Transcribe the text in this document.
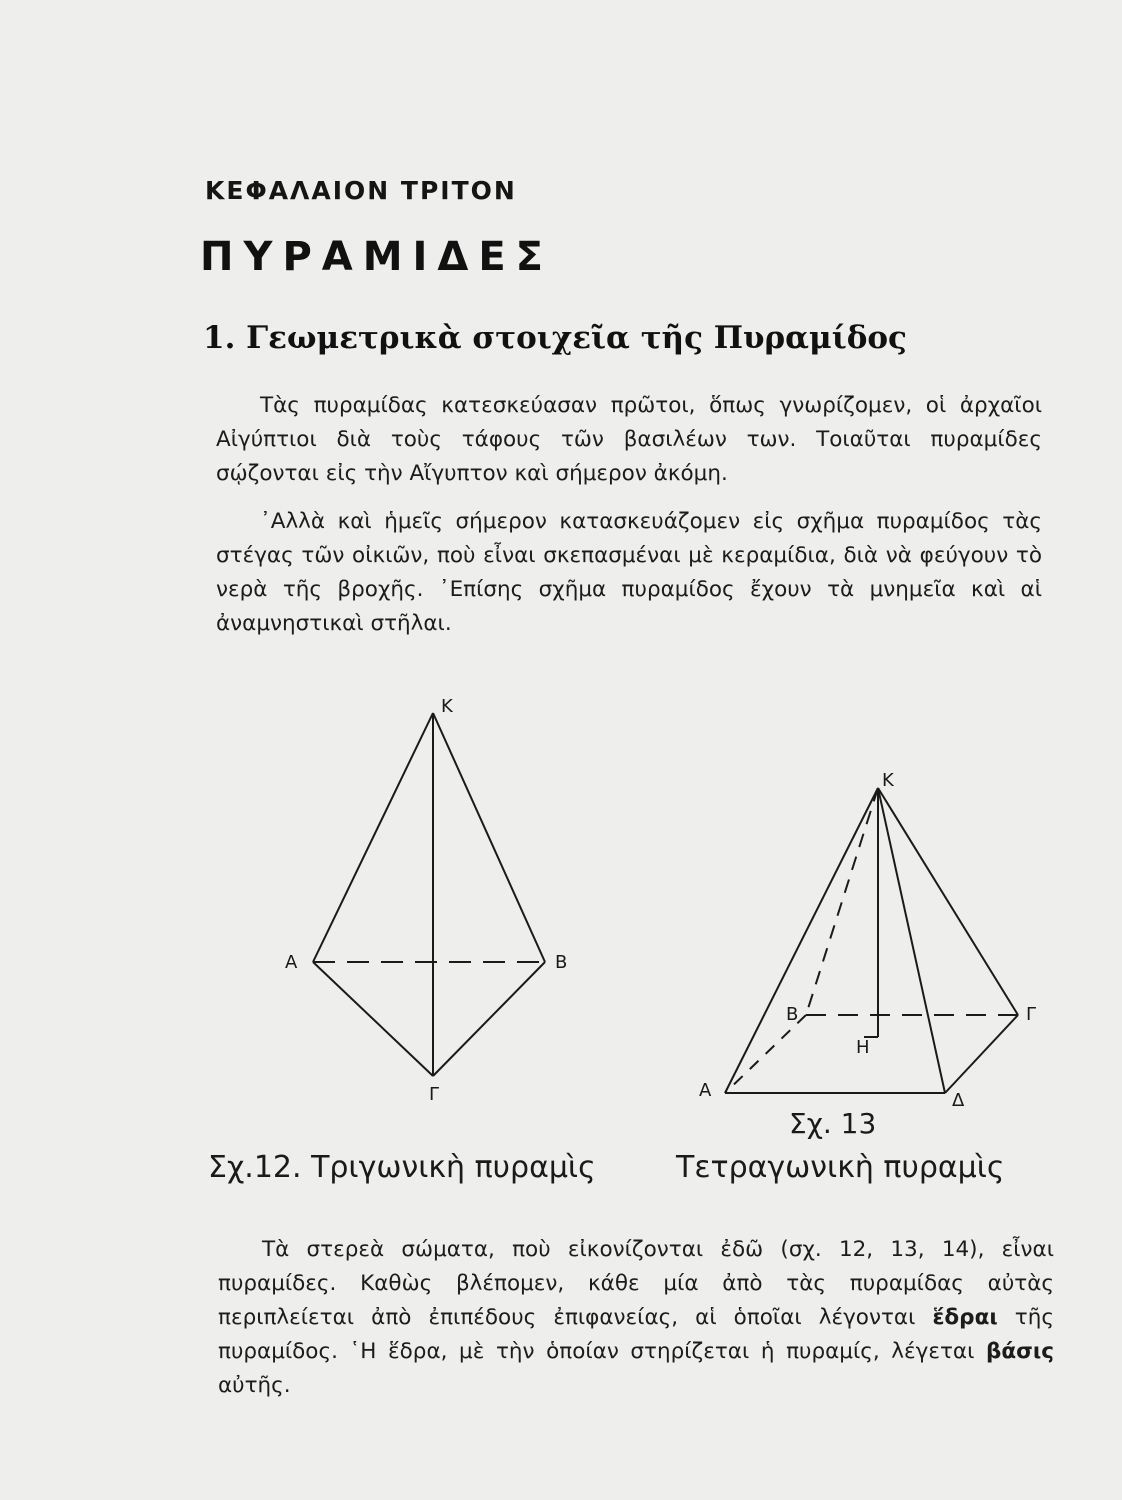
ΚΕΦΑΛΑΙΟΝ ΤΡΙΤΟΝ
ΠΥΡΑΜΙΔΕΣ
1. Γεωμετρικὰ στοιχεῖα τῆς Πυραμίδος
Τὰς πυραμίδας κατεσκεύασαν πρῶτοι, ὅπως γνωρίζομεν, οἱ ἀρχαῖοι Αἰγύπτιοι διὰ τοὺς τάφους τῶν βασιλέων των. Τοιαῦται πυραμίδες σῴζονται εἰς τὴν Αἴγυπτον καὶ σήμερον ἀκόμη.
᾿Αλλὰ καὶ ἡμεῖς σήμερον κατασκευάζομεν εἰς σχῆμα πυραμίδος τὰς στέγας τῶν οἰκιῶν, ποὺ εἶναι σκεπασμέναι μὲ κεραμίδια, διὰ νὰ φεύγουν τὸ νερὰ τῆς βροχῆς. ᾿Επίσης σχῆμα πυραμίδος ἔχουν τὰ μνημεῖα καὶ αἱ ἀναμνηστικαὶ στῆλαι.
Κ
Α	Β
Γ
Κ
Β	Γ
Α	Δ
Η
Σχ. 13
Σχ.12. Τριγωνικὴ πυραμὶς	Τετραγωνικὴ πυραμὶς
Τὰ στερεὰ σώματα, ποὺ εἰκονίζονται ἐδῶ (σχ. 12, 13, 14), εἶναι πυραμίδες. Καθὼς βλέπομεν, κάθε μία ἀπὸ τὰς πυραμίδας αὐτὰς περιπλείεται ἀπὸ ἐπιπέδους ἐπιφανείας, αἱ ὁποῖαι λέγονται ἕδραι τῆς πυραμίδος. ῾Η ἕδρα, μὲ τὴν ὁποίαν στηρίζεται ἡ πυραμίς, λέγεται βάσις αὐτῆς.
